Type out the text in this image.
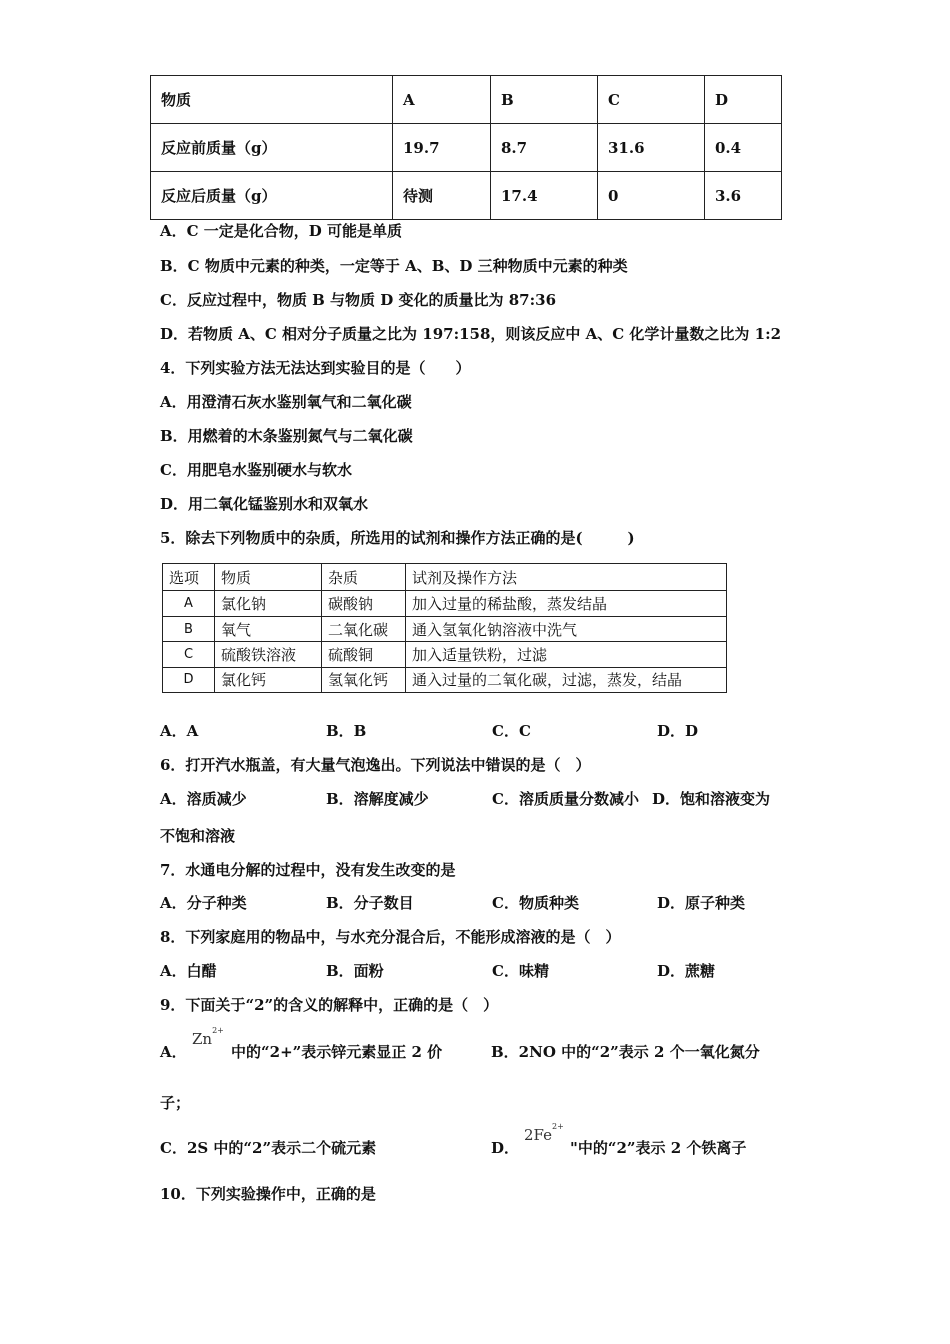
物质	A	B	C	D
反应前质量（g）	19.7	8.7	31.6	0.4
反应后质量（g）	待测	17.4	0	3.6
A．C 一定是化合物，D 可能是单质
B．C 物质中元素的种类，一定等于 A、B、D 三种物质中元素的种类
C．反应过程中，物质 B 与物质 D 变化的质量比为 87:36
D．若物质 A、C 相对分子质量之比为 197:158，则该反应中 A、C 化学计量数之比为 1:2
4．下列实验方法无法达到实验目的是（　　）
A．用澄清石灰水鉴别氧气和二氧化碳
B．用燃着的木条鉴别氮气与二氧化碳
C．用肥皂水鉴别硬水与软水
D．用二氧化锰鉴别水和双氧水
5．除去下列物质中的杂质，所选用的试剂和操作方法正确的是(　　　)
选项	物质	杂质	试剂及操作方法
A	氯化钠	碳酸钠	加入过量的稀盐酸，蒸发结晶
B	氧气	二氧化碳	通入氢氧化钠溶液中洗气
C	硫酸铁溶液	硫酸铜	加入适量铁粉，过滤
D	氯化钙	氢氧化钙	通入过量的二氧化碳，过滤，蒸发，结晶
A．A	B．B	C．C	D．D
6．打开汽水瓶盖，有大量气泡逸出。下列说法中错误的是（　）
A．溶质减少	B．溶解度减少	C．溶质质量分数减小 D．饱和溶液变为
不饱和溶液
7．水通电分解的过程中，没有发生改变的是
A．分子种类	B．分子数目	C．物质种类	D．原子种类
8．下列家庭用的物品中，与水充分混合后，不能形成溶液的是（　）
A．白醋	B．面粉	C．味精	D．蔗糖
9．下面关于“2”的含义的解释中，正确的是（　）
A．
$Zn^{2+}$
中的“2+”表示锌元素显正 2 价	B．2NO 中的“2”表示 2 个一氧化氮分
子；
C．2S 中的“2”表示二个硫元素	D．
$2Fe^{2+}$
"中的“2”表示 2 个铁离子
10．下列实验操作中，正确的是
